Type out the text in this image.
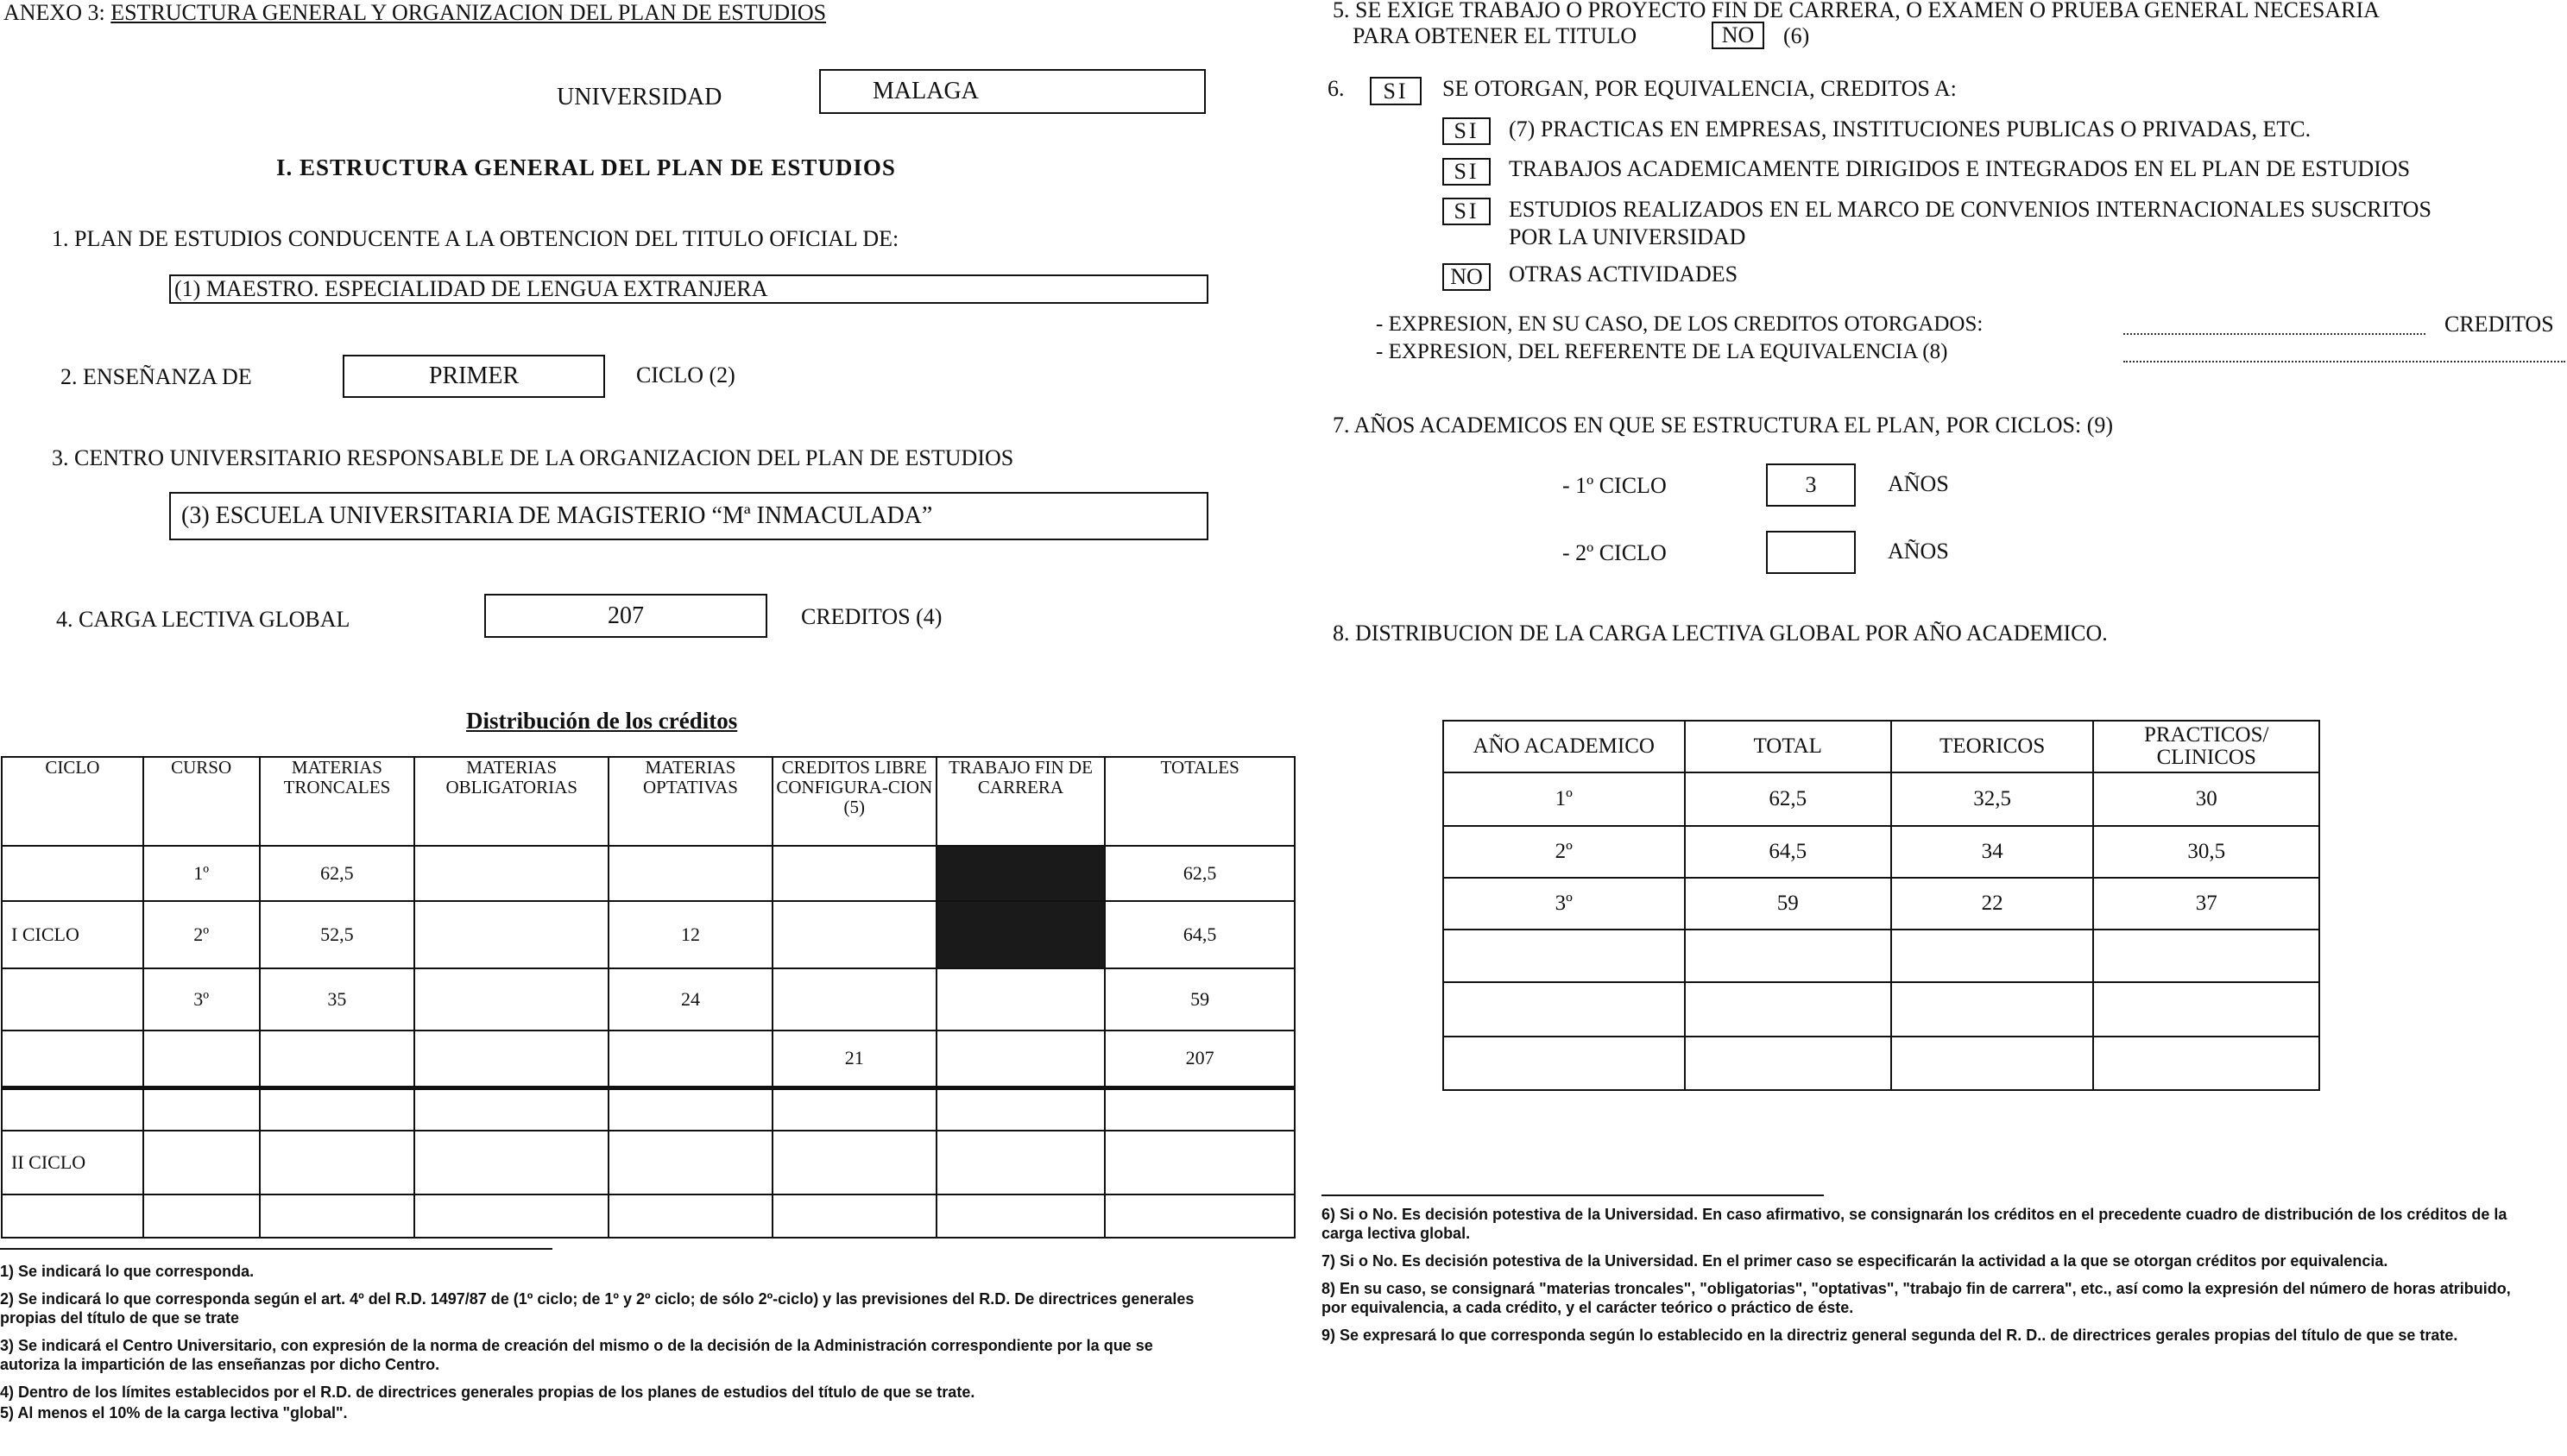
ANEXO 3: ESTRUCTURA GENERAL Y ORGANIZACION DEL PLAN DE ESTUDIOS
UNIVERSIDAD	MALAGA
I. ESTRUCTURA GENERAL DEL PLAN DE ESTUDIOS
1. PLAN DE ESTUDIOS CONDUCENTE A LA OBTENCION DEL TITULO OFICIAL DE:
(1) MAESTRO. ESPECIALIDAD DE LENGUA EXTRANJERA
2. ENSEÑANZA DE	PRIMER	CICLO (2)
3. CENTRO UNIVERSITARIO RESPONSABLE DE LA ORGANIZACION DEL PLAN DE ESTUDIOS
(3) ESCUELA UNIVERSITARIA DE MAGISTERIO “Mª INMACULADA”
4. CARGA LECTIVA GLOBAL	207	CREDITOS (4)
Distribución de los créditos
CICLO	CURSO	MATERIAS TRONCALES	MATERIAS OBLIGATORIAS	MATERIAS OPTATIVAS	CREDITOS LIBRE CONFIGURA-CION (5)	TRABAJO FIN DE CARRERA	TOTALES
	1º	62,5					62,5
I CICLO	2º	52,5		12			64,5
	3º	35		24			59
					21		207

II CICLO							

1) Se indicará lo que corresponda.
2) Se indicará lo que corresponda según el art. 4º del R.D. 1497/87 de (1º ciclo; de 1º y 2º ciclo; de sólo 2º-ciclo) y las previsiones del R.D. De directrices generales propias del título de que se trate
3) Se indicará el Centro Universitario, con expresión de la norma de creación del mismo o de la decisión de la Administración correspondiente por la que se autoriza la impartición de las enseñanzas por dicho Centro.
4) Dentro de los límites establecidos por el R.D. de directrices generales propias de los planes de estudios del título de que se trate.
5) Al menos el 10% de la carga lectiva "global".
5. SE EXIGE TRABAJO O PROYECTO FIN DE CARRERA, O EXAMEN O PRUEBA GENERAL NECESARIA
PARA OBTENER EL TITULO	NO (6)
6. SI SE OTORGAN, POR EQUIVALENCIA, CREDITOS A:
SI (7) PRACTICAS EN EMPRESAS, INSTITUCIONES PUBLICAS O PRIVADAS, ETC.
SI TRABAJOS ACADEMICAMENTE DIRIGIDOS E INTEGRADOS EN EL PLAN DE ESTUDIOS
SI ESTUDIOS REALIZADOS EN EL MARCO DE CONVENIOS INTERNACIONALES SUSCRITOS
POR LA UNIVERSIDAD
NO OTRAS ACTIVIDADES
- EXPRESION, EN SU CASO, DE LOS CREDITOS OTORGADOS:	CREDITOS
- EXPRESION, DEL REFERENTE DE LA EQUIVALENCIA (8)
7. AÑOS ACADEMICOS EN QUE SE ESTRUCTURA EL PLAN, POR CICLOS: (9)
- 1º CICLO	3	AÑOS
- 2º CICLO	AÑOS
8. DISTRIBUCION DE LA CARGA LECTIVA GLOBAL POR AÑO ACADEMICO.
AÑO ACADEMICO	TOTAL	TEORICOS	PRACTICOS/ CLINICOS
1º	62,5	32,5	30
2º	64,5	34	30,5
3º	59	22	37

6) Si o No. Es decisión potestiva de la Universidad. En caso afirmativo, se consignarán los créditos en el precedente cuadro de distribución de los créditos de la carga lectiva global.
7) Si o No. Es decisión potestiva de la Universidad. En el primer caso se especificarán la actividad a la que se otorgan créditos por equivalencia.
8) En su caso, se consignará "materias troncales", "obligatorias", "optativas", "trabajo fin de carrera", etc., así como la expresión del número de horas atribuido, por equivalencia, a cada crédito, y el carácter teórico o práctico de éste.
9) Se expresará lo que corresponda según lo establecido en la directriz general segunda del R. D.. de directrices gerales propias del título de que se trate.
